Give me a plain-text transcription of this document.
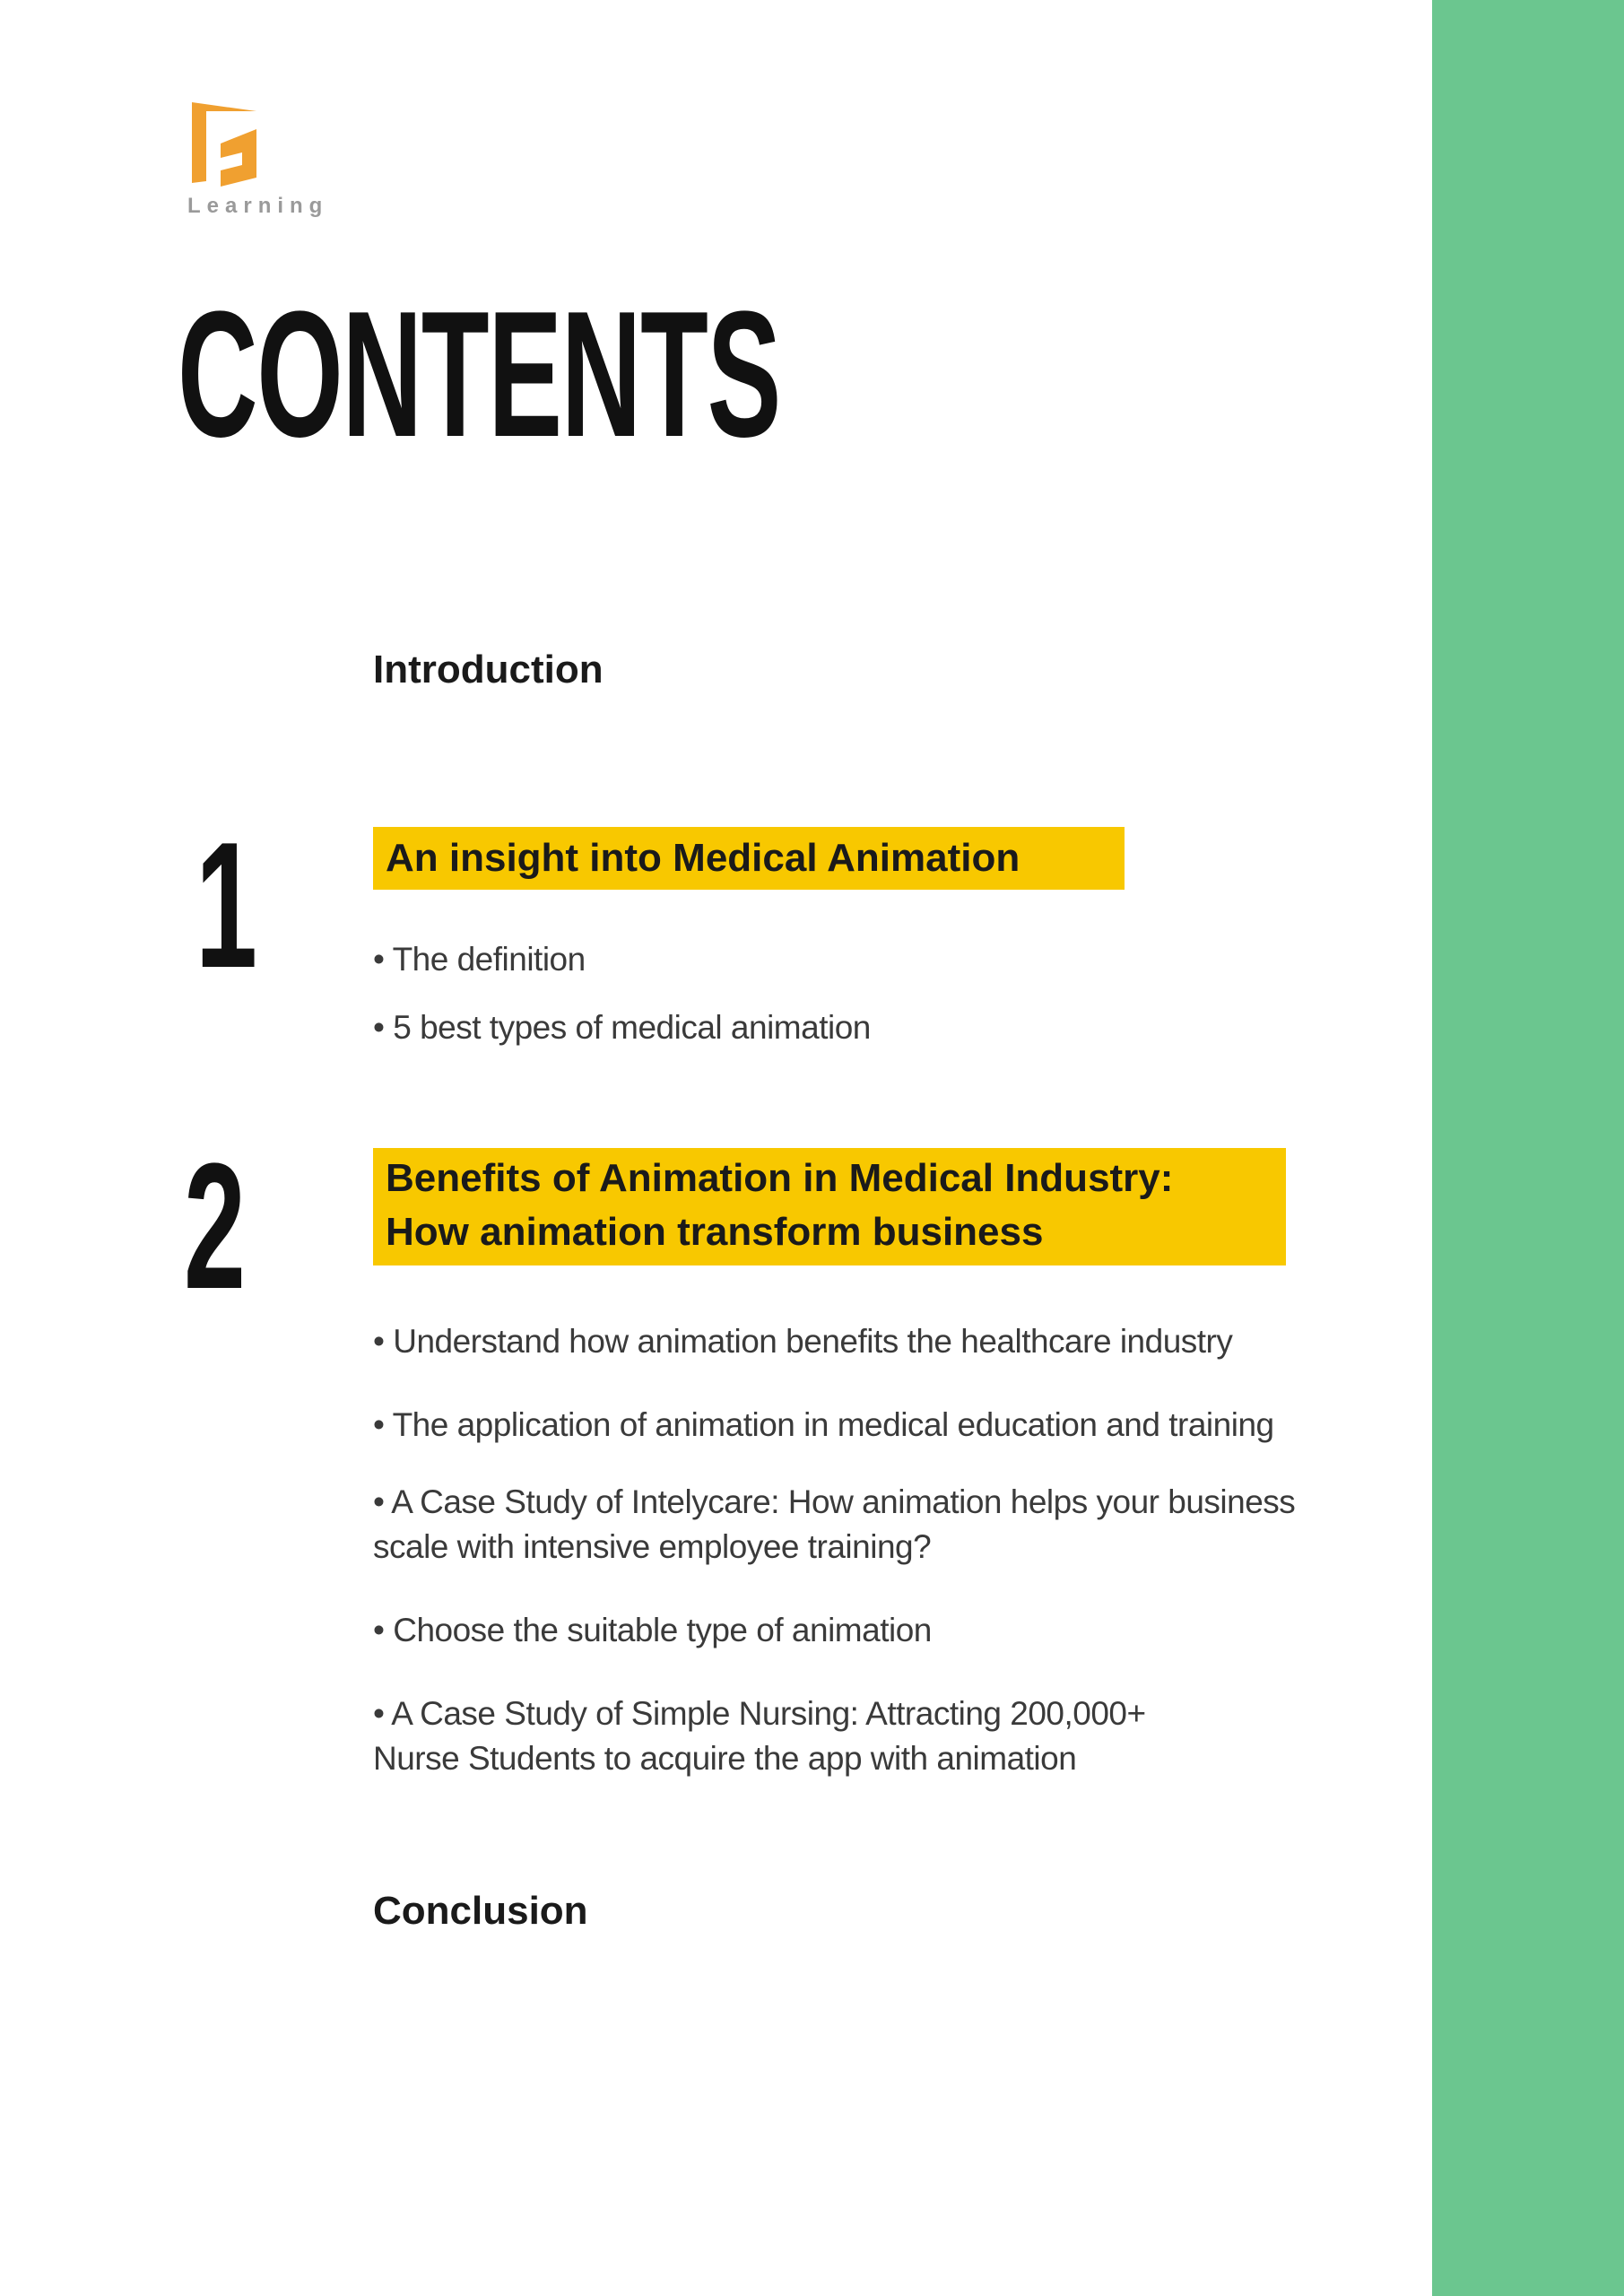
Learning
CONTENTS
Introduction
1	An insight into Medical Animation
• The definition
• 5 best types of medical animation
2	Benefits of Animation in Medical Industry:
How animation transform business
• Understand how animation benefits the healthcare industry
• The application of animation in medical education and training
• A Case Study of Intelycare: How animation helps your business
scale with intensive employee training?
• Choose the suitable type of animation
• A Case Study of Simple Nursing: Attracting 200,000+
Nurse Students to acquire the app with animation
Conclusion
